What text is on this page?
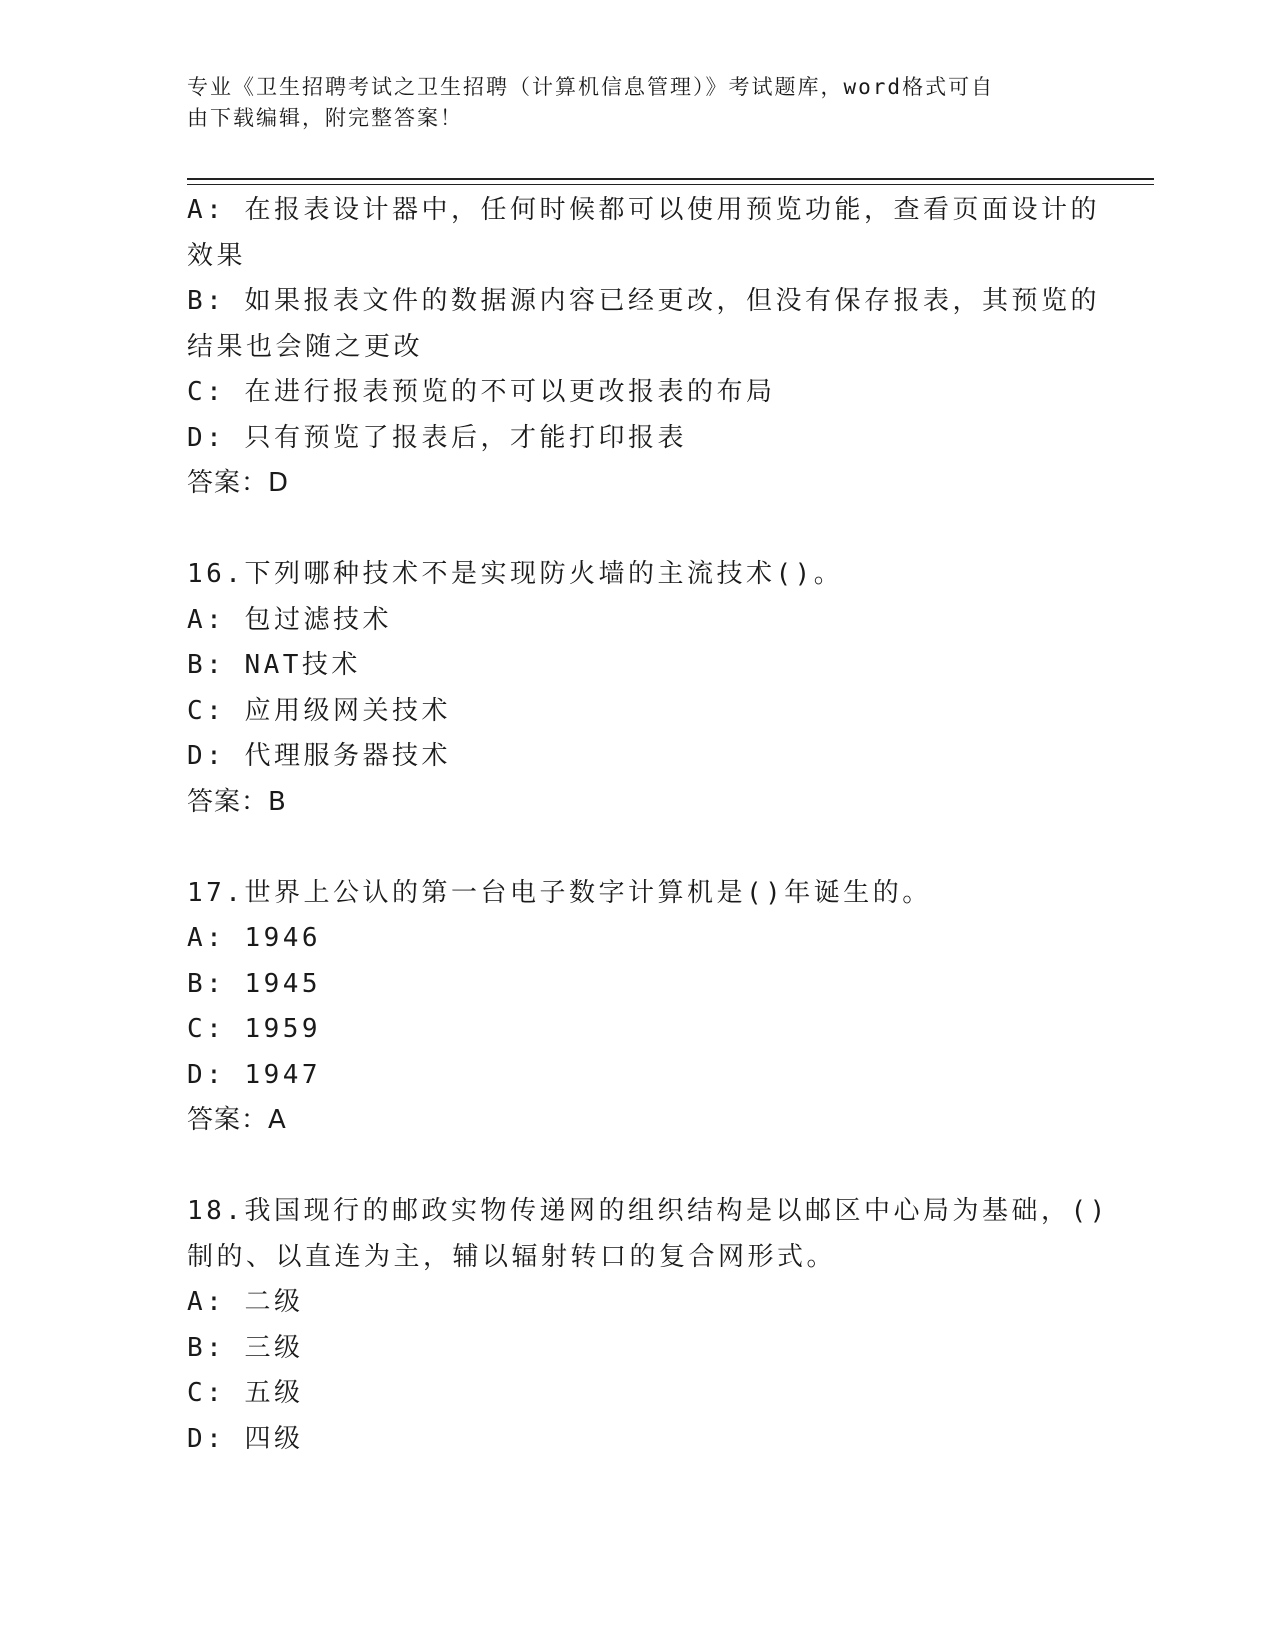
专业《卫生招聘考试之卫生招聘（计算机信息管理）》考试题库，word格式可自
由下载编辑，附完整答案！
A: 在报表设计器中，任何时候都可以使用预览功能，查看页面设计的
效果
B: 如果报表文件的数据源内容已经更改，但没有保存报表，其预览的
结果也会随之更改
C: 在进行报表预览的不可以更改报表的布局
D: 只有预览了报表后，才能打印报表
答案：D
16.下列哪种技术不是实现防火墙的主流技术()。
A: 包过滤技术
B: NAT技术
C: 应用级网关技术
D: 代理服务器技术
答案：B
17.世界上公认的第一台电子数字计算机是()年诞生的。
A: 1946
B: 1945
C: 1959
D: 1947
答案：A
18.我国现行的邮政实物传递网的组织结构是以邮区中心局为基础，()
制的、以直连为主，辅以辐射转口的复合网形式。
A: 二级
B: 三级
C: 五级
D: 四级
